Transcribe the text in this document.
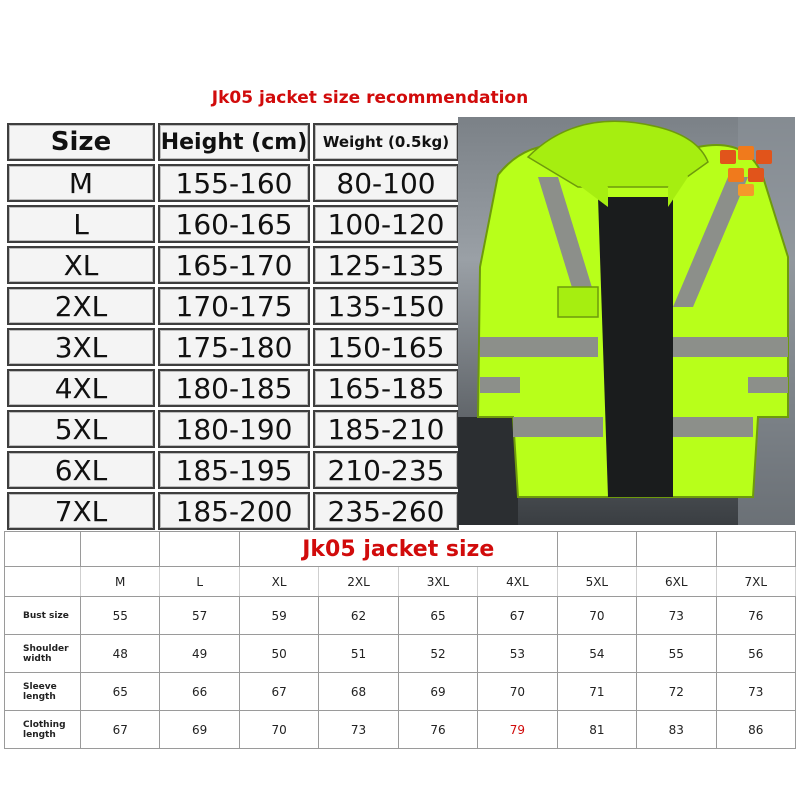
Jk05 jacket size recommendation
Size	Height (cm)	Weight (0.5kg)
M	155-160	80-100
L	160-165	100-120
XL	165-170	125-135
2XL	170-175	135-150
3XL	175-180	150-165
4XL	180-185	165-185
5XL	180-190	185-210
6XL	185-195	210-235
7XL	185-200	235-260
			Jk05 jacket size						
	M	L	XL	2XL	3XL	4XL	5XL	6XL	7XL
Bust size	55	57	59	62	65	67	70	73	76
Shoulder width	48	49	50	51	52	53	54	55	56
Sleeve length	65	66	67	68	69	70	71	72	73
Clothing length	67	69	70	73	76	79	81	83	86
